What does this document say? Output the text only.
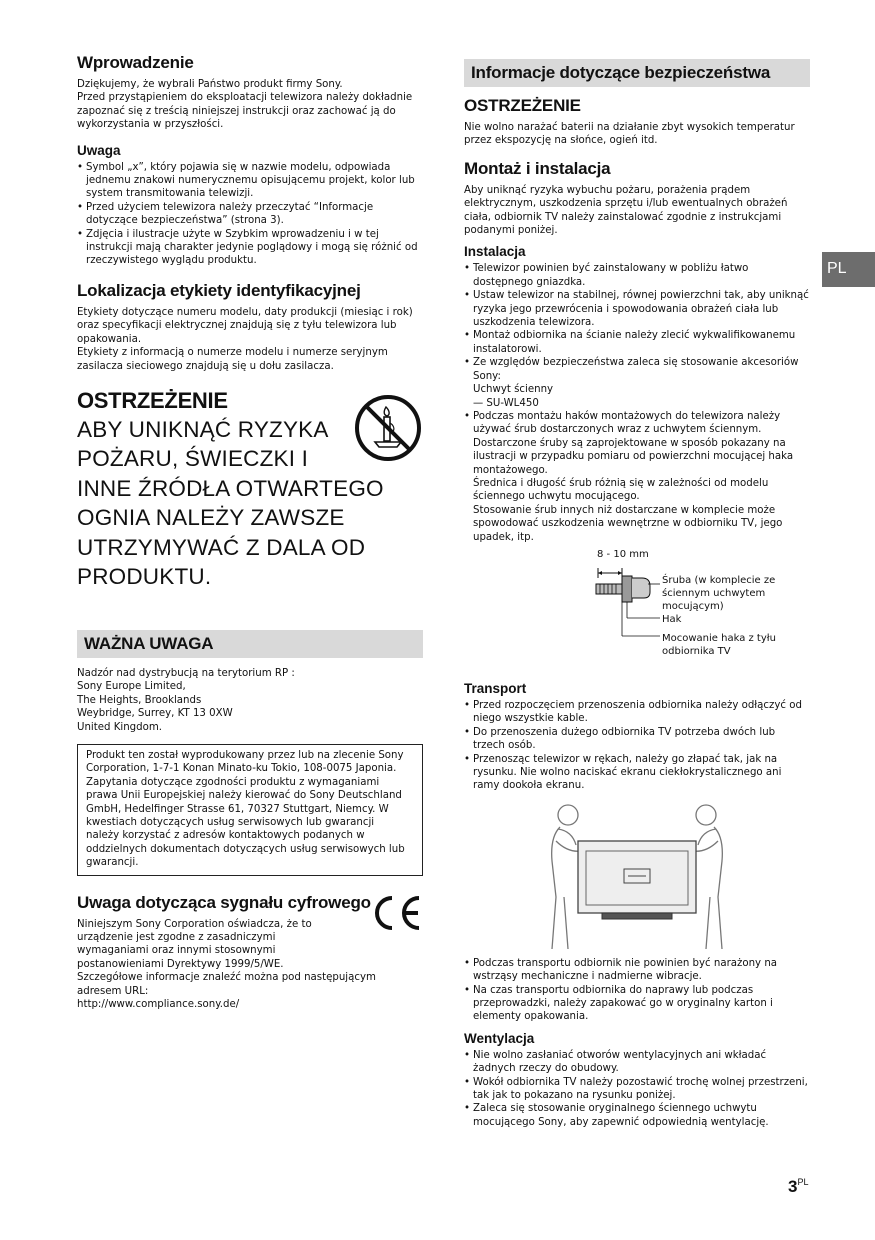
Wprowadzenie

Dziękujemy, że wybrali Państwo produkt firmy Sony.

Przed przystąpieniem do eksploatacji telewizora należy dokładnie

zapoznać się z treścią niniejszej instrukcji oraz zachować ją do

wykorzystania w przyszłości.

Uwaga
• Symbol „x”, który pojawia się w nazwie modelu, odpowiada jednemu znakowi numerycznemu opisującemu projekt, kolor lub system transmitowania telewizji.
• Przed użyciem telewizora należy przeczytać “Informacje dotyczące bezpieczeństwa” (strona 3).
• Zdjęcia i ilustracje użyte w Szybkim wprowadzeniu i w tej instrukcji mają charakter jedynie poglądowy i mogą się różnić od rzeczywistego wyglądu produktu.
Lokalizacja etykiety identyfikacyjnej

Etykiety dotyczące numeru modelu, daty produkcji (miesiąc i rok)

oraz specyfikacji elektrycznej znajdują się z tyłu telewizora lub

opakowania.

Etykiety z informacją o numerze modelu i numerze seryjnym

zasilacza sieciowego znajdują się u dołu zasilacza.

OSTRZEŻENIE
ABY UNIKNĄĆ RYZYKA
POŻARU, ŚWIECZKI I
INNE ŹRÓDŁA OTWARTEGO
OGNIA NALEŻY ZAWSZE
UTRZYMYWAĆ Z DALA OD
PRODUKTU.
WAŻNA UWAGA

Nadzór nad dystrybucją na terytorium RP :

Sony Europe Limited,

The Heights, Brooklands

Weybridge, Surrey, KT 13 0XW

United Kingdom.

Produkt ten został wyprodukowany przez lub na zlecenie Sony

Corporation, 1-7-1 Konan Minato-ku Tokio, 108-0075 Japonia.

Zapytania dotyczące zgodności produktu z wymaganiami

prawa Unii Europejskiej należy kierować do Sony Deutschland

GmbH, Hedelfinger Strasse 61, 70327 Stuttgart, Niemcy. W

kwestiach dotyczących usług serwisowych lub gwarancji

należy korzystać z adresów kontaktowych podanych w

oddzielnych dokumentach dotyczących usług serwisowych lub

gwarancji.

Uwaga dotycząca sygnału cyfrowego

Niniejszym Sony Corporation oświadcza, że to

urządzenie jest zgodne z zasadniczymi

wymaganiami oraz innymi stosownymi

postanowieniami Dyrektywy 1999/5/WE.

Szczegółowe informacje znaleźć można pod następującym

adresem URL:

http://www.compliance.sony.de/

Informacje dotyczące bezpieczeństwa
OSTRZEŻENIE

Nie wolno narażać baterii na działanie zbyt wysokich temperatur

przez ekspozycję na słońce, ogień itd.

Montaż i instalacja

Aby uniknąć ryzyka wybuchu pożaru, porażenia prądem

elektrycznym, uszkodzenia sprzętu i/lub ewentualnych obrażeń

ciała, odbiornik TV należy zainstalować zgodnie z instrukcjami

podanymi poniżej.

Instalacja
• Telewizor powinien być zainstalowany w pobliżu łatwo dostępnego gniazdka.
• Ustaw telewizor na stabilnej, równej powierzchni tak, aby uniknąć ryzyka jego przewrócenia i spowodowania obrażeń ciała lub uszkodzenia telewizora.
• Montaż odbiornika na ścianie należy zlecić wykwalifikowanemu instalatorowi.
• Ze względów bezpieczeństwa zaleca się stosowanie akcesoriów Sony:

Uchwyt ścienny

— SU-WL450

• Podczas montażu haków montażowych do telewizora należy używać śrub dostarczonych wraz z uchwytem ściennym.

Dostarczone śruby są zaprojektowane w sposób pokazany na ilustracji w przypadku pomiaru od powierzchni mocującej haka montażowego.

Średnica i długość śrub różnią się w zależności od modelu ściennego uchwytu mocującego.

Stosowanie śrub innych niż dostarczane w komplecie może spowodować uszkodzenia wewnętrzne w odbiorniku TV, jego upadek, itp.

8 - 10 mm
Śruba (w komplecie ze
ściennym uchwytem
mocującym)
Hak
Mocowanie haka z tyłu
odbiornika TV
Transport
• Przed rozpoczęciem przenoszenia odbiornika należy odłączyć od niego wszystkie kable.
• Do przenoszenia dużego odbiornika TV potrzeba dwóch lub trzech osób.
• Przenosząc telewizor w rękach, należy go złapać tak, jak na rysunku. Nie wolno naciskać ekranu ciekłokrystalicznego ani ramy dookoła ekranu.
• Podczas transportu odbiornik nie powinien być narażony na wstrząsy mechaniczne i nadmierne wibracje.
• Na czas transportu odbiornika do naprawy lub podczas przeprowadzki, należy zapakować go w oryginalny karton i elementy opakowania.
Wentylacja
• Nie wolno zasłaniać otworów wentylacyjnych ani wkładać żadnych rzeczy do obudowy.
• Wokół odbiornika TV należy pozostawić trochę wolnej przestrzeni, tak jak to pokazano na rysunku poniżej.
• Zaleca się stosowanie oryginalnego ściennego uchwytu mocującego Sony, aby zapewnić odpowiednią wentylację.
PL
$3^{PL}$
